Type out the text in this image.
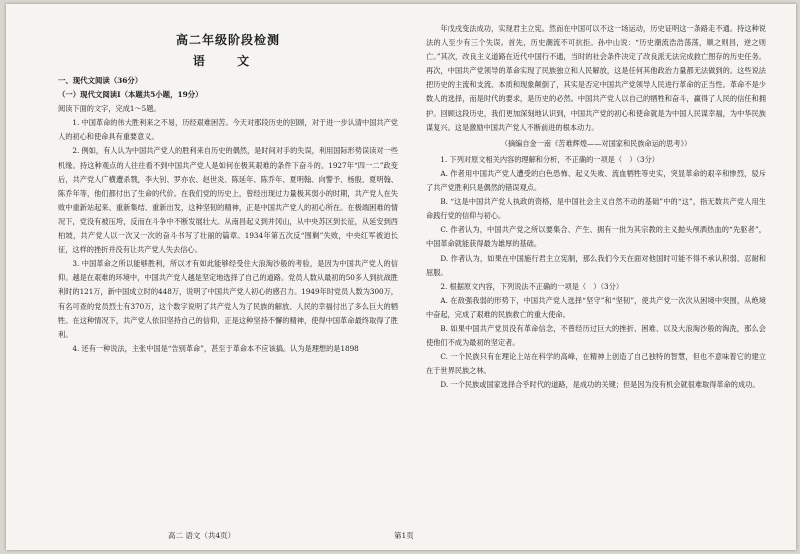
高二年级阶段检测
语 文
一、现代文阅读（36分）
（一）现代文阅读Ⅰ（本题共5小题，19分）
阅读下面的文字，完成1～5题。
1. 中国革命的伟大胜利来之不易，历经艰难困苦。今天对那段历史的回顾，对于进一步认清中国共产党人的初心和使命具有重要意义。
2. 例如，有人认为中国共产党人的胜利来自历史的偶然，是时间对手的失误，利用国际形势误读对一些机缘。持这种观点的人往往看不到中国共产党人是如何在极其艰难的条件下奋斗的。1927年“四一二”政变后，共产党人广横遭杀戮，李大钊、罗亦农、赵世炎、陈延年、陈乔年、夏明翰、向警予、杨殷、夏明翰、陈乔年等，他们都付出了生命的代价。在我们党的历史上，曾经出现过力量极其弱小的时期，共产党人在失败中重新站起来、重新集结、重新出发，这种坚韧的精神，正是中国共产党人的初心所在。在极端困难的情况下，党没有被压垮，反而在斗争中不断发展壮大。从南昌起义到井冈山，从中央苏区到长征，从延安到西柏坡，共产党人以一次又一次的奋斗书写了壮丽的篇章。1934年第五次反“围剿”失败，中央红军被迫长征，这样的挫折并没有让共产党人失去信心。
3. 中国革命之所以能够胜利，所以才有如此能够经受住大浪淘沙般的考验，是因为中国共产党人的信仰。越是在艰难的环境中，中国共产党人越是坚定地选择了自己的道路。党员人数从最初的50多人到抗战胜利时的121万，新中国成立时的448万，说明了中国共产党人初心的感召力。1949年时党员人数为300万，有名可查的党员烈士有370万，这个数字说明了共产党人为了民族的解放、人民的幸福付出了多么巨大的牺牲。在这种情况下，共产党人依旧坚持自己的信仰，正是这种坚持不懈的精神，使得中国革命最终取得了胜利。
4. 还有一种说法，主张中国是“告别革命”，甚至于革命本不应该搞。认为是理想的是1898
年戊戌变法成功，实现君主立宪。然而在中国可以不这一场运动，历史证明这一条路走不通。持这种说法的人至少有三个失误。首先，历史潮流不可抗拒。孙中山说：“历史潮流浩浩荡荡，顺之则昌，逆之则亡。”其次，改良主义道路在近代中国行不通，当时的社会条件决定了改良派无法完成救亡图存的历史任务。再次，中国共产党领导的革命实现了民族独立和人民解放，这是任何其他政治力量都无法做到的。这些说法把历史的主流和支流、本质和现象颠倒了，其实是否定中国共产党领导人民进行革命的正当性。革命不是少数人的选择，而是时代的要求，是历史的必然。中国共产党人以自己的牺牲和奋斗，赢得了人民的信任和拥护。回顾这段历史，我们更加深刻地认识到，中国共产党的初心和使命就是为中国人民谋幸福，为中华民族谋复兴。这是激励中国共产党人不断前进的根本动力。
（摘编自金一南《苦难辉煌——对国家和民族命运的思考》）
1. 下列对原文相关内容的理解和分析，不正确的一项是（　）（3分）
A. 作者用中国共产党人遭受的白色恐怖、起义失败、流血牺牲等史实，突显革命的艰辛和惨烈，驳斥了共产党胜利只是偶然的错误观点。
B. “这是中国共产党人执政的资格，是中国社会主义自然不动的基础”中的“这”，指无数共产党人用生命践行党的信仰与初心。
C. 作者认为，中国共产党之所以要集合、产生、拥有一批为其宗教的主义抛头颅洒热血的“先驱者”，中国革命就能获得最为雄厚的基础。
D. 作者认为，如果在中国施行君主立宪制，那么我们今天在面对他国时可能不得不承认积弱、忍耐和屈服。
2. 根据原文内容，下列说法不正确的一项是（　）（3分）
A. 在敌强我弱的形势下，中国共产党人选择“坚守”和“坚韧”，使共产党一次次从困境中突围，从绝境中奋起，完成了艰难的民族救亡的重大使命。
B. 如果中国共产党员没有革命信念，不曾经历过巨大的挫折、困难、以及大浪淘沙般的淘洗，那么会使他们不成为最初的坚定者。
C. 一个民族只有在理论上站在科学的高峰，在精神上创造了自己独特的智慧，但也不意味着它的建立在于世界民族之林。
D. 一个民族或国家选择合乎时代的道路，是成功的关键；但是因为没有机会就很难取得革命的成功。
高二 语文（共4页）	第1页
